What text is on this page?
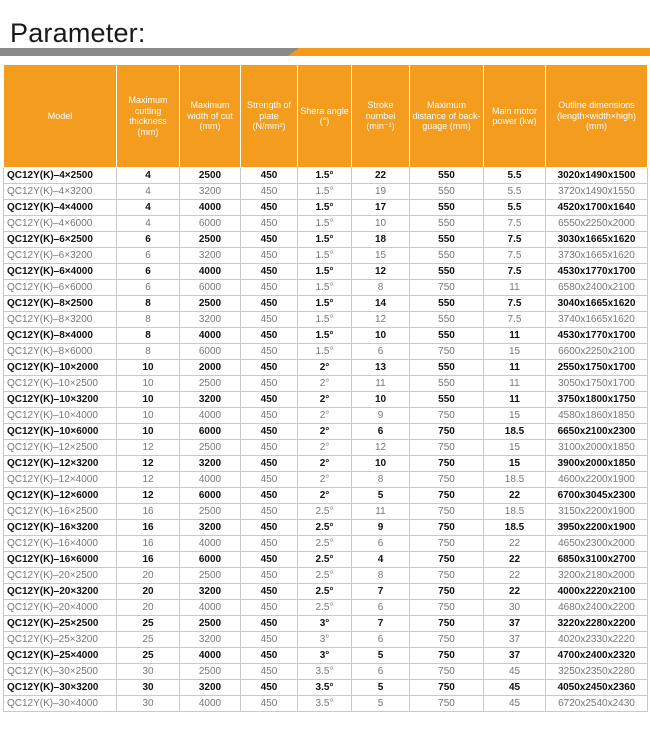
Parameter:
Model	Maximum cutting thickness (mm)	Maximum width of cut (mm)	Strength of plate (N/mm²)	Shera angle (°)	Stroke numbei (min⁻¹)	Maximum distance of back-guage (mm)	Main motor power (kw)	Outline dimensions (length×width×high) (mm)
QC12Y(K)–4×2500	4	2500	450	1.5°	22	550	5.5	3020x1490x1500
QC12Y(K)–4×3200	4	3200	450	1.5°	19	550	5.5	3720x1490x1550
QC12Y(K)–4×4000	4	4000	450	1.5°	17	550	5.5	4520x1700x1640
QC12Y(K)–4×6000	4	6000	450	1.5°	10	550	7.5	6550x2250x2000
QC12Y(K)–6×2500	6	2500	450	1.5°	18	550	7.5	3030x1665x1620
QC12Y(K)–6×3200	6	3200	450	1.5°	15	550	7.5	3730x1665x1620
QC12Y(K)–6×4000	6	4000	450	1.5°	12	550	7.5	4530x1770x1700
QC12Y(K)–6×6000	6	6000	450	1.5°	8	750	11	6580x2400x2100
QC12Y(K)–8×2500	8	2500	450	1.5°	14	550	7.5	3040x1665x1620
QC12Y(K)–8×3200	8	3200	450	1.5°	12	550	7.5	3740x1665x1620
QC12Y(K)–8×4000	8	4000	450	1.5°	10	550	11	4530x1770x1700
QC12Y(K)–8×6000	8	6000	450	1.5°	6	750	15	6600x2250x2100
QC12Y(K)–10×2000	10	2000	450	2°	13	550	11	2550x1750x1700
QC12Y(K)–10×2500	10	2500	450	2°	11	550	11	3050x1750x1700
QC12Y(K)–10×3200	10	3200	450	2°	10	550	11	3750x1800x1750
QC12Y(K)–10×4000	10	4000	450	2°	9	750	15	4580x1860x1850
QC12Y(K)–10×6000	10	6000	450	2°	6	750	18.5	6650x2100x2300
QC12Y(K)–12×2500	12	2500	450	2°	12	750	15	3100x2000x1850
QC12Y(K)–12×3200	12	3200	450	2°	10	750	15	3900x2000x1850
QC12Y(K)–12×4000	12	4000	450	2°	8	750	18.5	4600x2200x1900
QC12Y(K)–12×6000	12	6000	450	2°	5	750	22	6700x3045x2300
QC12Y(K)–16×2500	16	2500	450	2.5°	11	750	18.5	3150x2200x1900
QC12Y(K)–16×3200	16	3200	450	2.5°	9	750	18.5	3950x2200x1900
QC12Y(K)–16×4000	16	4000	450	2.5°	6	750	22	4650x2300x2000
QC12Y(K)–16×6000	16	6000	450	2.5°	4	750	22	6850x3100x2700
QC12Y(K)–20×2500	20	2500	450	2.5°	8	750	22	3200x2180x2000
QC12Y(K)–20×3200	20	3200	450	2.5°	7	750	22	4000x2220x2100
QC12Y(K)–20×4000	20	4000	450	2.5°	6	750	30	4680x2400x2200
QC12Y(K)–25×2500	25	2500	450	3°	7	750	37	3220x2280x2200
QC12Y(K)–25×3200	25	3200	450	3°	6	750	37	4020x2330x2220
QC12Y(K)–25×4000	25	4000	450	3°	5	750	37	4700x2400x2320
QC12Y(K)–30×2500	30	2500	450	3.5°	6	750	45	3250x2350x2280
QC12Y(K)–30×3200	30	3200	450	3.5°	5	750	45	4050x2450x2360
QC12Y(K)–30×4000	30	4000	450	3.5°	5	750	45	6720x2540x2430
